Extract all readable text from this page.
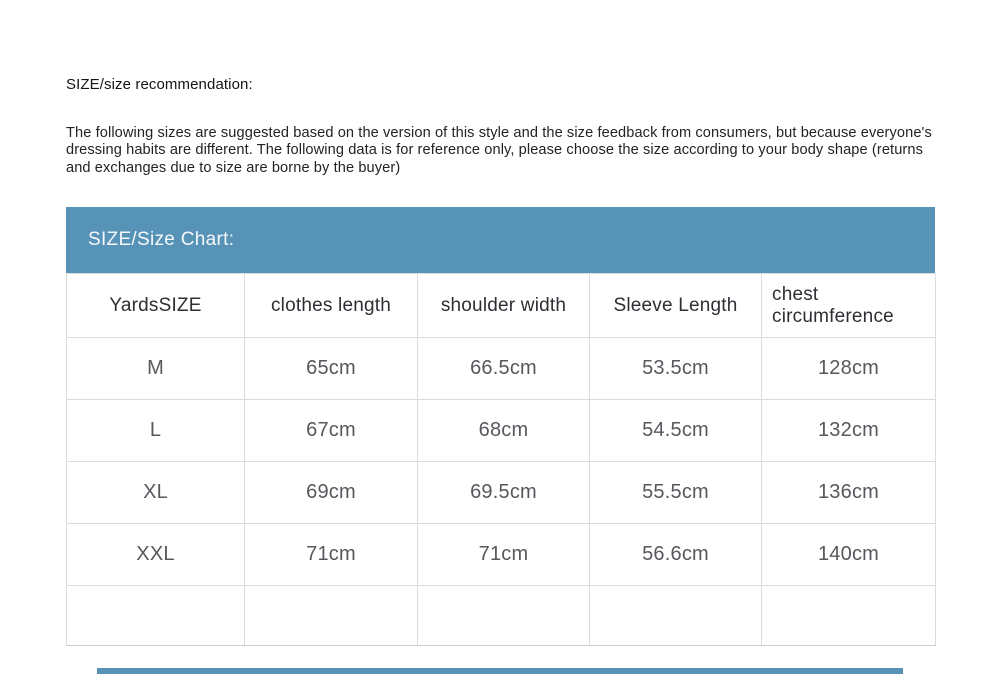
SIZE/size recommendation:
The following sizes are suggested based on the version of this style and the size feedback from consumers, but because everyone's dressing habits are different. The following data is for reference only, please choose the size according to your body shape (returns and exchanges due to size are borne by the buyer)
SIZE/Size Chart:
YardsSIZE	clothes length	shoulder width	Sleeve Length	chest circumference
M	65cm	66.5cm	53.5cm	128cm
L	67cm	68cm	54.5cm	132cm
XL	69cm	69.5cm	55.5cm	136cm
XXL	71cm	71cm	56.6cm	140cm
